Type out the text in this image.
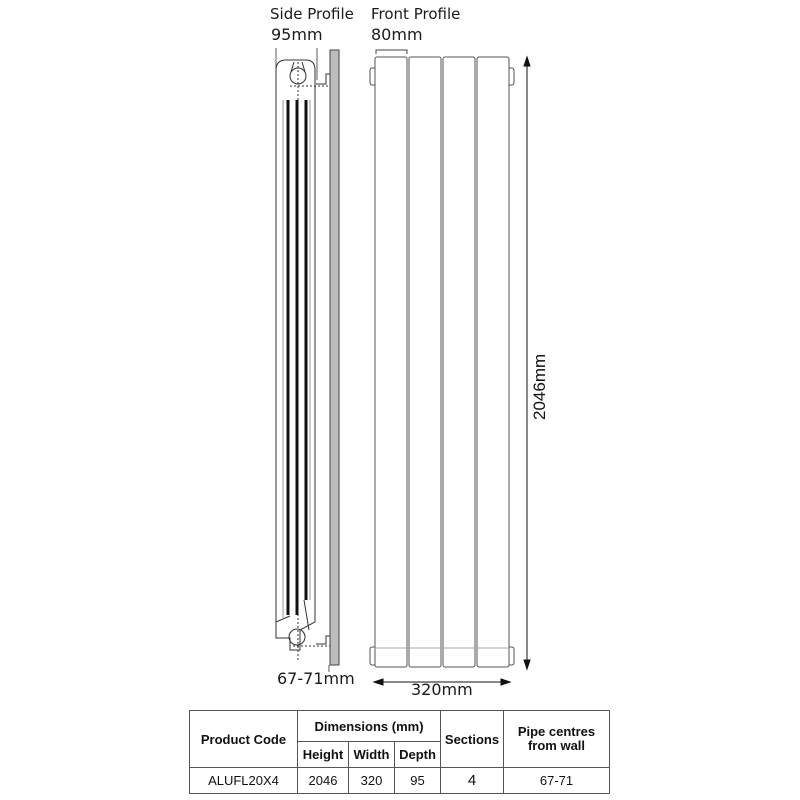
Side Profile
95mm
Front Profile
80mm
67-71mm
320mm
2046mm
Product Code	Dimensions (mm)			Sections	Pipe centres from wall
	Height	Width	Depth		
ALUFL20X4	2046	320	95	4	67-71
